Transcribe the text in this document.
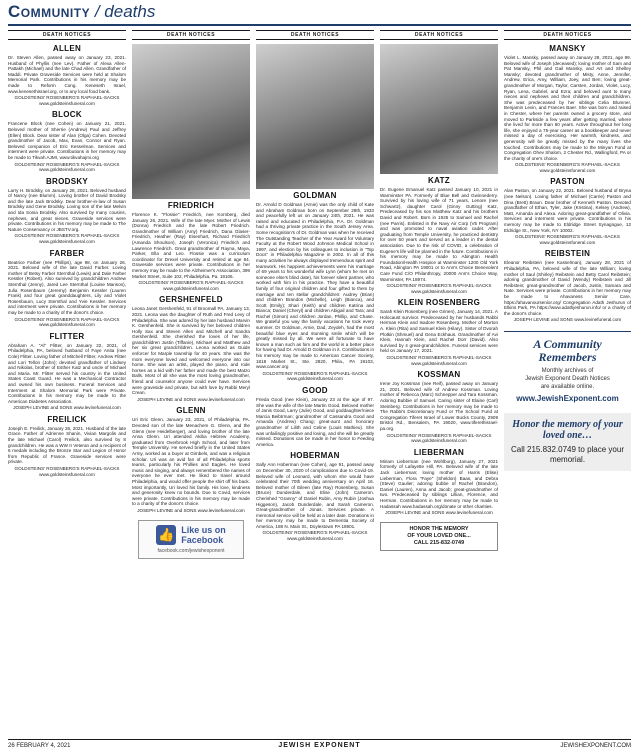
Community / deaths
DEATH NOTICES
ALLEN
Dr. Steven Allen, passed away on January 23, 2021. Husband of Phyllis (nee Lev). Father of Alexa Allen-Pattakh (Michael) and the late Chad Allen. Grandfather of Maddi. Private Graveside Services were held at Shalom Memorial Park. Contributions in his memory may be made to Reform Cong. Keneseth Israel, www.kenesethisrael.org, or to any local food bank.
GOLDSTEINS' ROSENBERG'S RAPHAEL-SACKS www.goldsteinsfuneral.com
BLOCK
Francene Block (nee Cohen) on January 21, 2021. Beloved mother of Sherrie (Andrew) Paul and Jeffrey (Ellen) Block. Dear sister of Alan (Olga) Cohen. Devoted grandmother of Jacob, Max, Evan, Connor and Ryan. Beloved companion of Eric Kesselman. Services and interment were private. Contributions in her memory may be made to Tikvah AJMI, www.tikvahajmi.org
GOLDSTEINS' ROSENBERG'S RAPHAEL-SACKS www.goldsteinsfuneral.com
BRODSKY
Larry H. Brodsky, on January 28, 2021. Beloved husband of Nancy (nee Blumm). Loving brother of David Brodsky and the late Jack Brodsky. Dear brother-in-law of Susan Brodsky and Gene Brodsky. Loving son of the late Melvin and Ida Sonia Brodsky. Also survived by many cousins, nephews, and great nieces. Graveside services were private. Contributions in his memory may be made to The Nature Conservancy or JBSTV.org.
GOLDSTEINS' ROSENBERG'S RAPHAEL-SACKS www.goldsteinsfuneral.com
FARBER
Beatrice Farber (nee Phillips), age 98, on January 26, 2021. Beloved wife of the late David Farber. Loving mother of Betsy Farber Sternthal (Lewis) and Dale Farber Kessler (Robert). Also survived by grandchildren Andrew Sternthal (Jenny), Jared Lee Sternthal (Louise Manson), Julia Rosenbaum (Jeremy) Benjamin Kessler (Lauren Frank) and four great granddaughters, Lily and Violet Rosenbaum, Lucy Sternthal and Yvie Kessler. Services and interment were private. Contributions in her memory may be made to a charity of the donor's choice.
GOLDSTEINS' ROSENBERG'S RAPHAEL-SACKS www.goldsteinsfuneral.com
FLITTER
Abraham A. "Al" Flitter, on January 22, 2021, of Philadelphia, PA, beloved husband of Faye Anita (nee Cole) Flitter. Loving father of Mitchell Flitter, Andrew Flitter and Lori Tellon (John); devoted grandfather of Lindsey and Nikolas, brother of Esther Katz and uncle of Michael and Maria. Mr. Flitter served his country in the United States Coast Guard. He was a Mechanical Contractor and owned his own business. Funeral Services and Interment at Shalom Memorial Park were Private. Contributions in his memory may be made to the American Diabetes Association.
JOSEPH LEVINE and SONS www.levinefuneral.com
FREILICK
Joseph E. Freilick, January 26, 2021. Husband of the late Grace. Father of Adrienne Shanin, Vivian Margolis and the late Michael (Carol) Freilick, also survived by 8 grandchildren. He was a WW II Veteran and a recipient of 6 medals including the Bronze Star and Legion of Honor from Republic of France. Graveside services were private.
GOLDSTEINS' ROSENBERG'S RAPHAEL-SACKS www.goldsteinsfuneral.com
DEATH NOTICES
FRIEDRICH
Florence K. "Flossie" Friedrich, nee Kornberg, died January 26, 2021. Wife of the late Myer. Mother of Lewis (Donna) Friedrich and the late Robert Friedrich. Grandmother of William (Amy) Friedrich, Dana Glaser-Friedrich, Heather (Ray) Eisenhart, Richard Friedrich (Amanda Shoulson), Joseph (Veronica) Friedrich and Lawrence Friedrich. Great grandmother of Rayna, Maya, Parker, Ella and Leo. Flossie was a curriculum coordinator for Drexel University and retired at age 84. Graveside services were private. Contributions in her memory may be made to the Alzheimer's Association, 399 Market Street, Suite 102, Philadelphia, Pa. 19106.
GOLDSTEINS' ROSENBERG'S RAPHAEL-SACKS www.goldsteinsfuneral.com
GERSHENFELD
Leona Janet Gershenfeld, 91 of Broomall PA, January 13, 2021. Leona was the daughter of Ruth and Fred Levy of Philadelphia. She was adored by her late husband Marvin K. Gershenfeld. She is survived by her beloved children Holly Sax and Steven Allen and Mitchell and Sandra Gershenfeld. She cherished the loves of her life, grandchildren Justin (Tiffanie), Michael and Matthew and her six great grandchildren. Leona worked as Guide enforcer for Marple township for 40 years. She was the mom everyone loved and welcomed everyone into our home. She was an artist, played the piano, and rode horses as a kid with her father and made the best Matzo Balls. Most of all she was the most loving grandmother, friend and counselor anyone could ever have. Services were graveside and private, but with love by Rabbi Meryl Crean.
JOSEPH LEVINE and SONS www.levinefuneral.com
GLENN
Uri Eric Glenn, January 23, 2021, of Philadelphia, PA. Devoted son of the late Menachem G. Glenn, and the Glenn (nee Heidelberger), and loving brother of the late Anna Glenn. Uri attended Akiba Hebrew Academy, graduated from Overbrook High School, and later from Temple University. He served briefly in the United States Army, worked as a buyer at Gimbels, and was a religious scholar. Uri was an avid fan of all Philadelphia sports teams, particularly his Phillies and Eagles. He loved music and singing, and always remembered the names of everyone he ever met. He liked to travel around Philadelphia, and would offer people the shirt off his back. Most importantly, Uri loved his family. His love, kindness and generosity knew no bounds. Due to Covid, services were private. Contributions in his memory may be made to a charity of the donor's choice.
JOSEPH LEVINE and SONS www.levinefuneral.com
👍 Like us on
Facebook
facebook.com/jewishexponent
DEATH NOTICES
GOLDMAN
Dr. Arnold D Goldman (Arnie) was the only child of Kate and Abraham Goldman born on September 29th, 1933 and peacefully left us on January 24th, 2021. He was raised and educated in Philadelphia, P.A. Dr. Goldman had a thriving private practice in the South Jersey Area. Some recognition's of Dr. Goldman was when he received The Outstanding Teacher of the Year Award for Voluntary Faculty at the Robert Wood Johnson Medical School in 1997, and election by his colleagues to inclusion in "Top Docs" in Philadelphia Magazine in 2002. In all of this many activities he always displayed tremendous spirit and teamwork. His happiest achievements were his marriage of 69 years to his wonderful wife Lynn (whom he met on someone else's blind date), his forever silent partner, who worked with him in his practice. They have a beautiful family of four original children and four gifted to them by marriage and ten stellar grandchildren: Audrey (Brian) and children Brandon (Michelle), Leigh (Bianca), and Scott (Emily); Shari (Keith) and children Katrina and Bianca; Daniel (Cheryl) and children Abigail and Tara; and Rachel (Simon) and children Jordan, Phillip, and Chase. We grateful you way the family vacations he took every summer. Dr Goldman, Arnie, Dad, Zeydeh, had the most beautiful blue eyes and stunning smile which will be greatly missed by all. We were all fortunate to have known a man such as him and the world is a better place for having had Dr. Arnold D Goldman in it. Contributions in his memory may be made to American Cancer Society, 1818 Market St., Ste. 2820, Phila., PA 19103, www.cancer.org
GOLDSTEINS' ROSENBERG'S RAPHAEL-SACKS www.goldsteinsfuneral.com
GOOD
Frieda Good (nee Klein), January 23 at the age of 97. She was the wife of the late Martin Good. Beloved mother of Janis Good, Larry (Julie) Good, and goddaughter/niece Marcia Beibtrman; grandmother of Cassandra Good and Amanda (Andrew) Chang; great-aunt and honorary grandmother of Lilith and Celine (Louis Mathieu). She was unfailingly positive and loving, and she will be greatly missed. Donations can be made in her honor to Feeding America.
HOBERMAN
Sally Ann Hoberman (nee Cohen), age 91, passed away on December 30, 2020 of complications due to Covid-19. Beloved wife of Leonard, with whom she would have celebrated their 70th wedding anniversary on April 16. Beloved mother of Eileen (late Ray) Rosenberg, Susan (Bruce) Dunderdale, and Elise (John) Cameron. Cherished "Granny" of Daniel Rubin, Amy Rubin (Joshua Higgeson), Jacob Dunderdale, and Sarah Cameron. Great-grandmother of Jonas. Services private. A memorial service will be held at a later date. Donations in her memory may be made to Dementia Society of America, 188 N. Main St., Doylestown PA 18901.
GOLDSTEINS' ROSENBERG'S RAPHAEL-SACKS www.goldsteinsfuneral.com
DEATH NOTICES
KATZ
Dr. Eugene Emanuel Katz passed January 10, 2021 in Warminster PA. Formerly of Blue Bell and Gwinnederry. Survived by his loving wife of 71 years, Lenore (nee Schwartz), daughter Carol (Ginny Gutting) Katz, Predeceased by his son Matthew Katz and his brothers David and Robert. Born in 1925 to Samuel and Rachel (nee Parris). Enlisted in the Navy Air Corp (V5 Program) and was promoted to naval aviation cadet. After graduating from Temple University, he practiced dentistry for over 50 years and served as a leader in the dental association. Due to the risk of COVID, a celebration of Eugene's life will be planned in the future. Contributions in his memory may be made to Abington Health Foundation/Health Hospice at Warminster 1200 Old York Road, Abington PA 19001 or to Ann's Choice Benevolent Care Fund C/O Philanthropy, 20000 Ann's Choice Way, Warminster, PA 18974.
GOLDSTEINS' ROSENBERG'S RAPHAEL-SACKS www.goldsteinsfuneral.com
KLEIN ROSENBERG
Sarah Klein Rosenberg (nee Grinen), January 14, 2021. A Holocaust survivor. Predeceased by her husbands Rabbi Herman Klein and Isadore Rosenberg. Mother of Morton A. Klein (Rita) and Samuel Klein (Hilary). Sister of Dvorah Plotkin (Shmuel) and Gena Eckhaus. Grandmother of Avi Klein, Hannah Klein, and Rachel Dorr (David). Also survived by 4 great-grandchildren. Funeral services were held on January 17, 2021.
GOLDSTEINS' ROSENBERG'S RAPHAEL-SACKS www.goldsteinsfuneral.com
KOSSMAN
Irene Joy Kossman (nee Reif), passed away on January 21, 2021. Beloved wife of Andrew Kossman. Loving mother of Rebecca (Marc) Schnepper and Tara Kossman. Adoring Bubbie of Samuel. Caring sister of Elaine (Carl) Steinberg. Contributions in her memory may be made to The Rabbi's Discretionary Fund or The School Fund at Congregation Tiferet Israel of Lower Bucks County, 2909 Bristol Rd., Bensalem, PA 19020, www.tiferethisrael-pa.org.
GOLDSTEINS' ROSENBERG'S RAPHAEL-SACKS www.goldsteinsfuneral.com
LIEBERMAN
Miriam Lieberman (nee Wohlburg), January 27, 2021 formerly of Lafayette Hill, PA. Beloved wife of the late Jack Lieberman; loving mother of Harris (Elise) Lieberman, Flora "Faye" (Sheldon) Baas, and Debra (Steve) Gaulier; adoring bubbe of Rachel (Brandon), Daniel (Lauren), Anna and Jacob; great-grandmother of two. Predeceased by siblings Lillian, Florence, and Herman. Contributions in her memory may be made to Hadassah www.hadassah.org/donate or other charities.
JOSEPH LEVINE and SONS www.levinefuneral.com
HONOR THE MEMORY
OF YOUR LOVED ONE...
CALL 215-832-0749
DEATH NOTICES
MANSKY
Violet L. Mansky, passed away on January 28, 2021, age 99. Beloved wife of Joseph (deceased); loving mother of Sam and Pat Mansky, Phil and Gail Mansky, and Art and Shelley Mansky; devoted grandmother of Misty, Anne, Jennifer, Andrew, Erica, Amy, William, Joey, and Ben; loving great-grandmother of Morgan, Taylor, Carsten, Jordan, Violet, Lucy, Ryan, Lena, Gabriel, and Ezra; and beloved aunt to many nieces and nephews and their children and grandchildren. She was predeceased by her siblings Celia Blumner, Benjamin Levin, and Frances Baer. She was born and raised in Chester, where her parents owned a grocery store, and moved to Parkside a few years after getting married, where she lived for more than 60 years. Active throughout her long life, she enjoyed a 75-year career as a bookkeeper and never missed a day of exercising. Her warmth, kindness, and generosity will be greatly missed by the many lives she touched. Contributions may be made to the Minyan Fund at Congregation Ohev Shalom, 2 Chester Rd., Wallingford, PA or the charity of one's choice.
GOLDSTEINS' ROSENBERG'S RAPHAEL-SACKS www.goldsteinsfuneral.com
PASTON
Alan Paston, on January 22, 2021. Beloved husband of Bryna (nee Nelson). Loving father of Michael (Carrie) Paston and Dina (Brett) Braun. Dear brother of Kenneth Paston. Devoted grandfather of Ethan, Tyler, Jake (Kristina), Kelsey (Andrew), Matt, Amanda and Alexa. Adoring great-grandfather of Olivia. Services and interment were private. Contributions in his memory may be made to Eldridge Street Synagogue, 12 Eldridge St., New York, NY 10002.
GOLDSTEINS' ROSENBERG'S RAPHAEL-SACKS www.goldsteinsfuneral.com
REIBSTEIN
Eleanor Reibstein (nee Kasselman), January 28, 2021 of Philadelphia, PA, beloved wife of the late William; loving mother of Saul (Shirley) Reibstein and Betty Carol Reibstein; adoring grandmother of David (Wendy) Reibstein and Jill Reibstein; great-grandmother of Jacob, Justin, Samara and Nate. Services were private. Contributions in her memory may be made to Ahavaness Senior Care, https://ahavanoursenior.org/ Congregation Adath Jeshurun of Elkins Park, PA https://www.adathjeshurun.info/ or a charity of the donor's choice.
JOSEPH LEVINE and SONS www.levinefuneral.com
A Community Remembers

Monthly archives of
Jewish Exponent Death Notices
are available online.

www.JewishExponent.com
Honor the memory of your loved one…

Call 215.832.0749 to place your memorial.

26 FEBRUARY 4, 2021	JEWISH EXPONENT	JEWISHEXPONENT.COM
